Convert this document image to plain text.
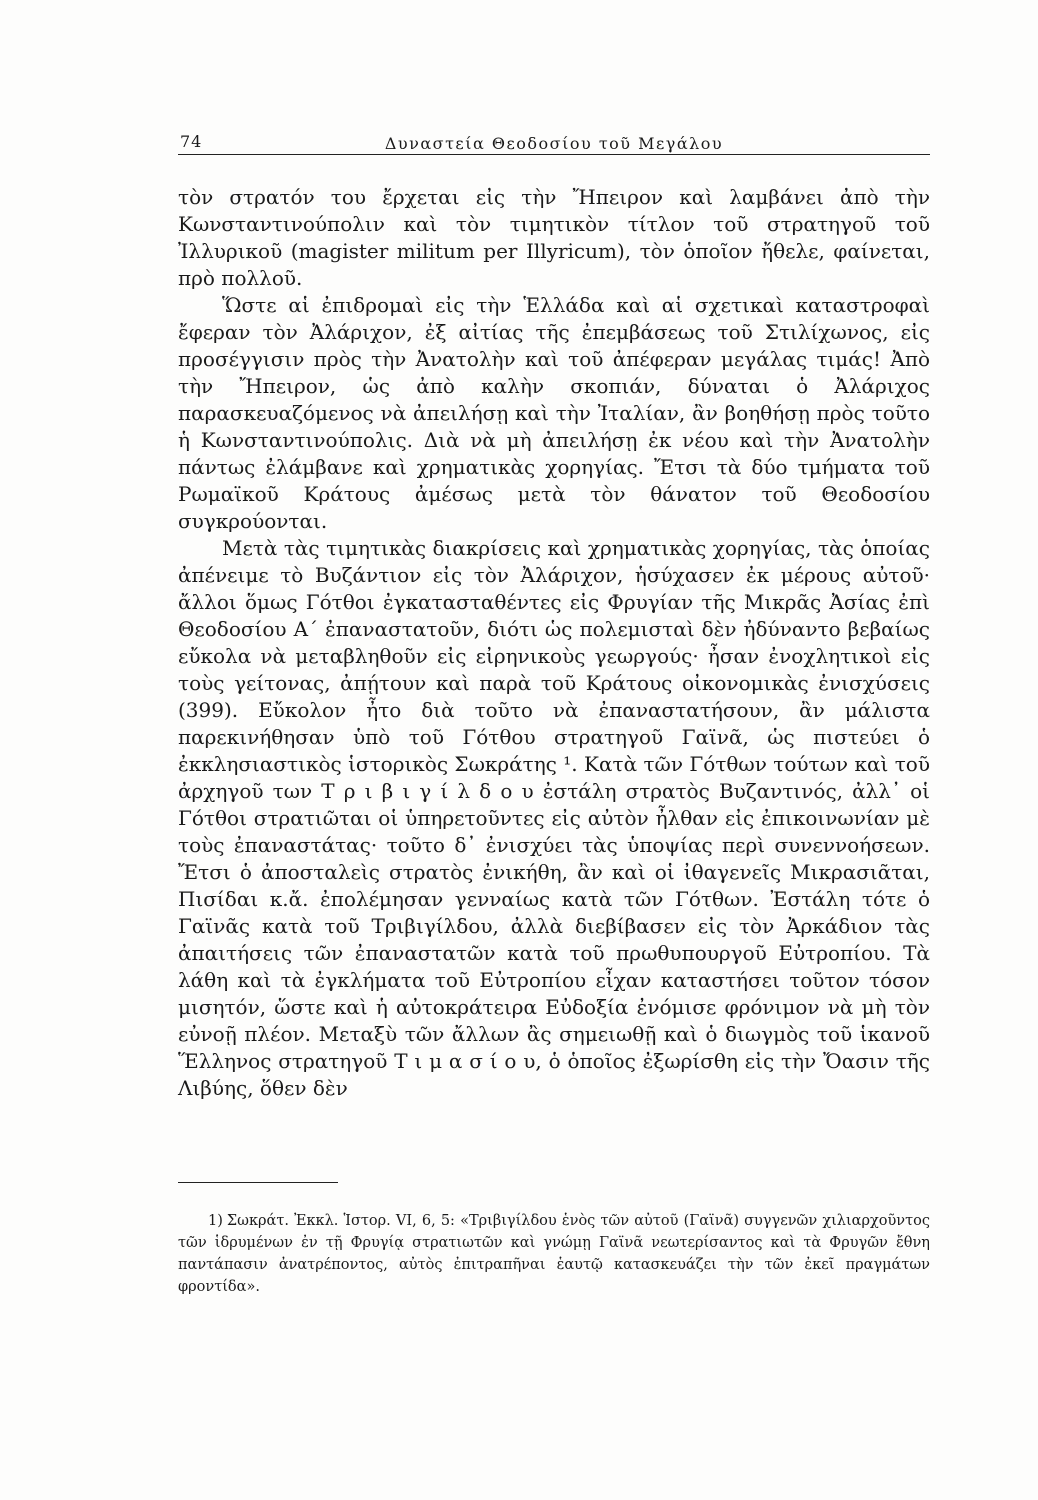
74	Δυναστεία Θεοδοσίου τοῦ Μεγάλου

τὸν στρατόν του ἔρχεται εἰς τὴν Ἤπειρον καὶ λαμβάνει ἀπὸ τὴν Κωνσταντινούπολιν καὶ τὸν τιμητικὸν τίτλον τοῦ στρατηγοῦ τοῦ Ἰλλυρικοῦ (magister militum per Illyricum), τὸν ὁποῖον ἤθελε, φαίνεται, πρὸ πολλοῦ.

Ὥστε αἱ ἐπιδρομαὶ εἰς τὴν Ἑλλάδα καὶ αἱ σχετικαὶ καταστροφαὶ ἔφεραν τὸν Ἀλάριχον, ἐξ αἰτίας τῆς ἐπεμβάσεως τοῦ Στιλίχωνος, εἰς προσέγγισιν πρὸς τὴν Ἀνατολὴν καὶ τοῦ ἀπέφεραν μεγάλας τιμάς! Ἀπὸ τὴν Ἤπειρον, ὡς ἀπὸ καλὴν σκοπιάν, δύναται ὁ Ἀλάριχος παρασκευαζόμενος νὰ ἀπειλήσῃ καὶ τὴν Ἰταλίαν, ἂν βοηθήσῃ πρὸς τοῦτο ἡ Κωνσταντινούπολις. Διὰ νὰ μὴ ἀπειλήσῃ ἐκ νέου καὶ τὴν Ἀνατολὴν πάντως ἐλάμβανε καὶ χρηματικὰς χορηγίας. Ἔτσι τὰ δύο τμήματα τοῦ Ρωμαϊκοῦ Κράτους ἀμέσως μετὰ τὸν θάνατον τοῦ Θεοδοσίου συγκρούονται.

Μετὰ τὰς τιμητικὰς διακρίσεις καὶ χρηματικὰς χορηγίας, τὰς ὁποίας ἀπένειμε τὸ Βυζάντιον εἰς τὸν Ἀλάριχον, ἡσύχασεν ἐκ μέρους αὐτοῦ· ἄλλοι ὅμως Γότθοι ἐγκατασταθέντες εἰς Φρυγίαν τῆς Μικρᾶς Ἀσίας ἐπὶ Θεοδοσίου Α΄ ἐπαναστατοῦν, διότι ὡς πολεμισταὶ δὲν ἠδύναντο βεβαίως εὔκολα νὰ μεταβληθοῦν εἰς εἰρηνικοὺς γεωργούς· ἦσαν ἐνοχλητικοὶ εἰς τοὺς γείτονας, ἀπῄτουν καὶ παρὰ τοῦ Κράτους οἰκονομικὰς ἐνισχύσεις (399). Εὔκολον ἦτο διὰ τοῦτο νὰ ἐπαναστατήσουν, ἂν μάλιστα παρεκινήθησαν ὑπὸ τοῦ Γότθου στρατηγοῦ Γαϊνᾶ, ὡς πιστεύει ὁ ἐκκλησιαστικὸς ἱστορικὸς Σωκράτης ¹. Κατὰ τῶν Γότθων τούτων καὶ τοῦ ἀρχηγοῦ των Τ ρ ι β ι γ ί λ δ ο υ ἐστάλη στρατὸς Βυζαντινός, ἀλλ᾽ οἱ Γότθοι στρατιῶται οἱ ὑπηρετοῦντες εἰς αὐτὸν ἦλθαν εἰς ἐπικοινωνίαν μὲ τοὺς ἐπαναστάτας· τοῦτο δ᾽ ἐνισχύει τὰς ὑποψίας περὶ συνεννοήσεων. Ἔτσι ὁ ἀποσταλεὶς στρατὸς ἐνικήθη, ἂν καὶ οἱ ἰθαγενεῖς Μικρασιᾶται, Πισίδαι κ.ἄ. ἐπολέμησαν γενναίως κατὰ τῶν Γότθων. Ἐστάλη τότε ὁ Γαϊνᾶς κατὰ τοῦ Τριβιγίλδου, ἀλλὰ διεβίβασεν εἰς τὸν Ἀρκάδιον τὰς ἀπαιτήσεις τῶν ἐπαναστατῶν κατὰ τοῦ πρωθυπουργοῦ Εὐτροπίου. Τὰ λάθη καὶ τὰ ἐγκλήματα τοῦ Εὐτροπίου εἶχαν καταστήσει τοῦτον τόσον μισητόν, ὥστε καὶ ἡ αὐτοκράτειρα Εὐδοξία ἐνόμισε φρόνιμον νὰ μὴ τὸν εὐνοῇ πλέον. Μεταξὺ τῶν ἄλλων ἂς σημειωθῇ καὶ ὁ διωγμὸς τοῦ ἱκανοῦ Ἕλληνος στρατηγοῦ Τ ι μ α σ ί ο υ, ὁ ὁποῖος ἐξωρίσθη εἰς τὴν Ὄασιν τῆς Λιβύης, ὅθεν δὲν

1) Σωκράτ. Ἐκκλ. Ἱστορ. VI, 6, 5: «Τριβιγίλδου ἑνὸς τῶν αὐτοῦ (Γαϊνᾶ) συγγενῶν χιλιαρχοῦντος τῶν ἱδρυμένων ἐν τῇ Φρυγίᾳ στρατιωτῶν καὶ γνώμῃ Γαϊνᾶ νεωτερίσαντος καὶ τὰ Φρυγῶν ἔθνη παντάπασιν ἀνατρέποντος, αὐτὸς ἐπιτραπῆναι ἑαυτῷ κατασκευάζει τὴν τῶν ἐκεῖ πραγμάτων φροντίδα».
